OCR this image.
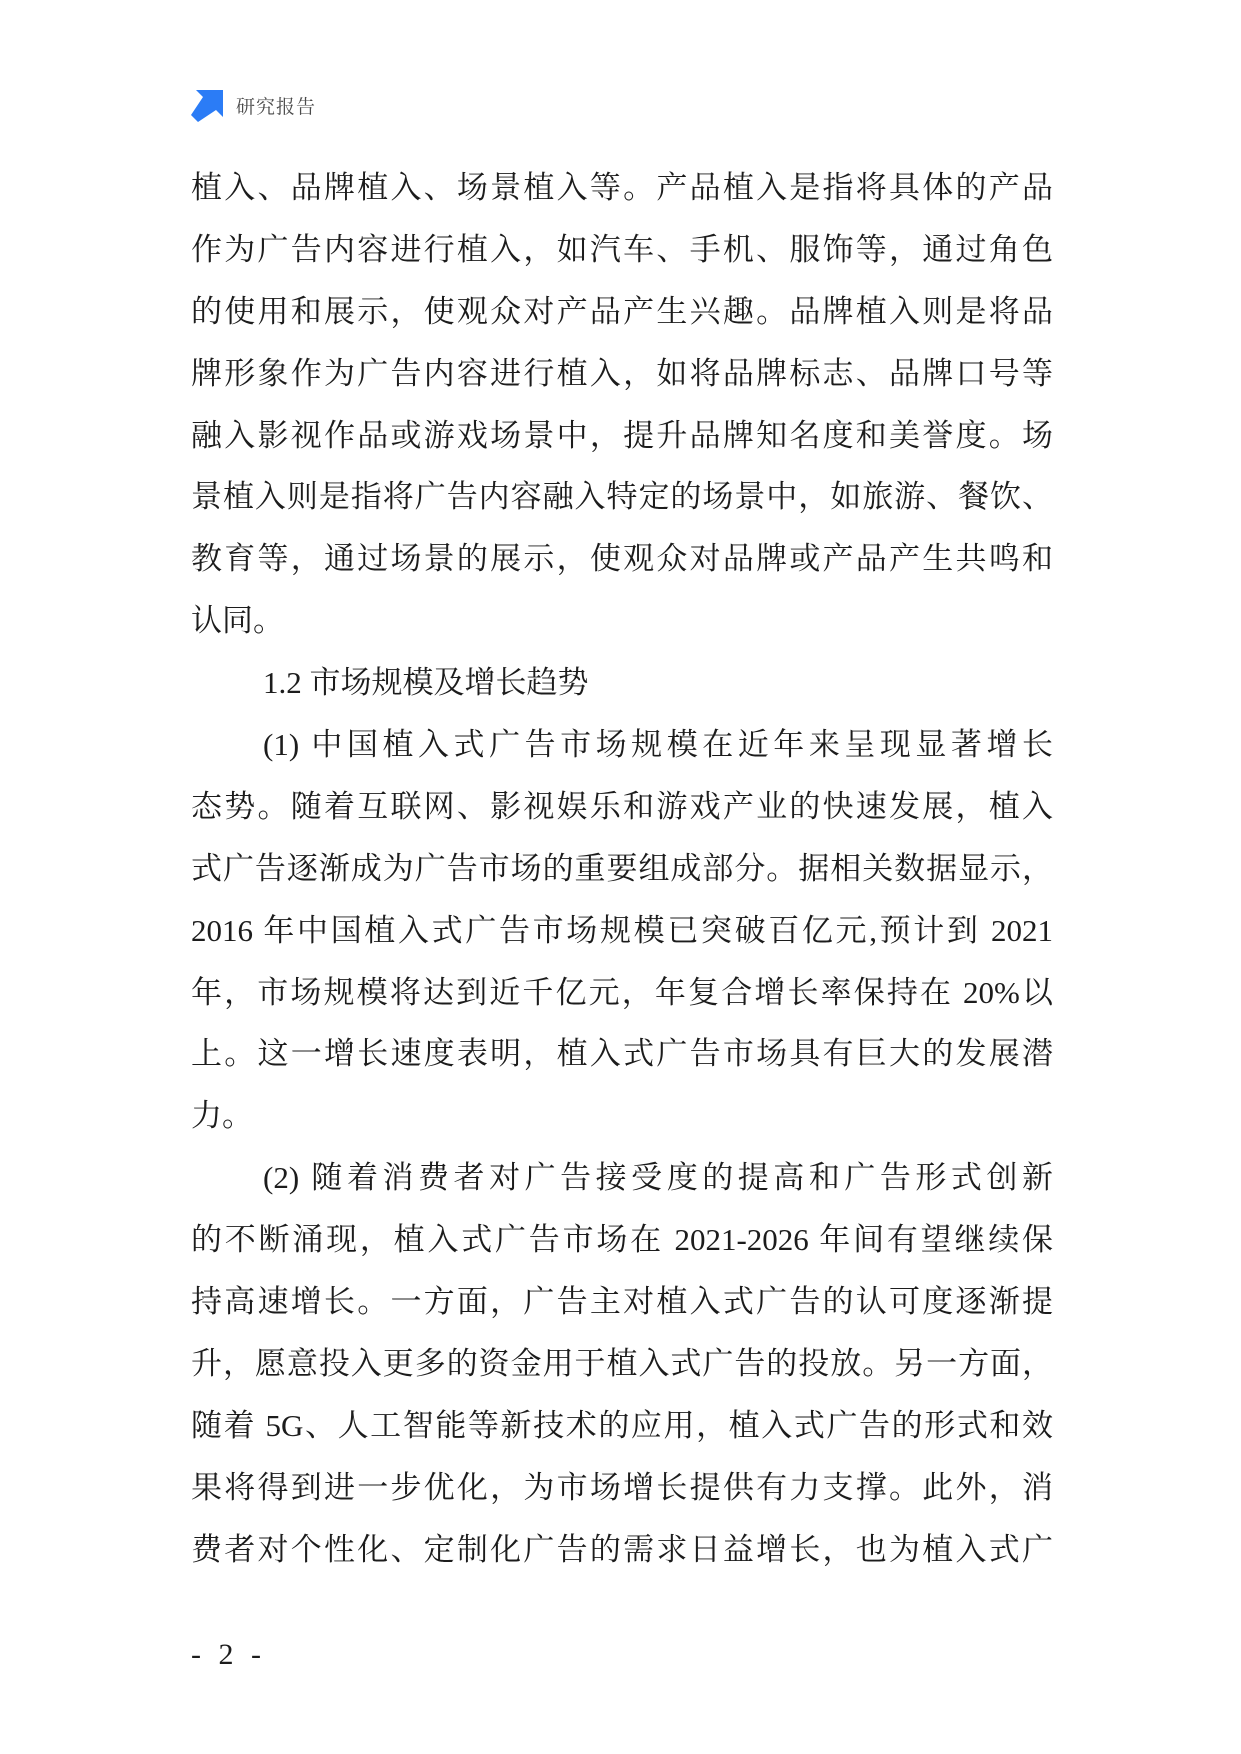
研究报告
植入、品牌植入、场景植入等。产品植入是指将具体的产品
作为广告内容进行植入，如汽车、手机、服饰等，通过角色
的使用和展示，使观众对产品产生兴趣。品牌植入则是将品
牌形象作为广告内容进行植入，如将品牌标志、品牌口号等
融入影视作品或游戏场景中，提升品牌知名度和美誉度。场
景植入则是指将广告内容融入特定的场景中，如旅游、餐饮、
教育等，通过场景的展示，使观众对品牌或产品产生共鸣和
认同。
1.2 市场规模及增长趋势
(1) 中国植入式广告市场规模在近年来呈现显著增长
态势。随着互联网、影视娱乐和游戏产业的快速发展，植入
式广告逐渐成为广告市场的重要组成部分。据相关数据显示，
2016 年中国植入式广告市场规模已突破百亿元,预计到 2021
年，市场规模将达到近千亿元，年复合增长率保持在 20%以
上。这一增长速度表明，植入式广告市场具有巨大的发展潜
力。
(2) 随着消费者对广告接受度的提高和广告形式创新
的不断涌现，植入式广告市场在 2021-2026 年间有望继续保
持高速增长。一方面，广告主对植入式广告的认可度逐渐提
升，愿意投入更多的资金用于植入式广告的投放。另一方面，
随着 5G、人工智能等新技术的应用，植入式广告的形式和效
果将得到进一步优化，为市场增长提供有力支撑。此外，消
费者对个性化、定制化广告的需求日益增长，也为植入式广
- 2 -
